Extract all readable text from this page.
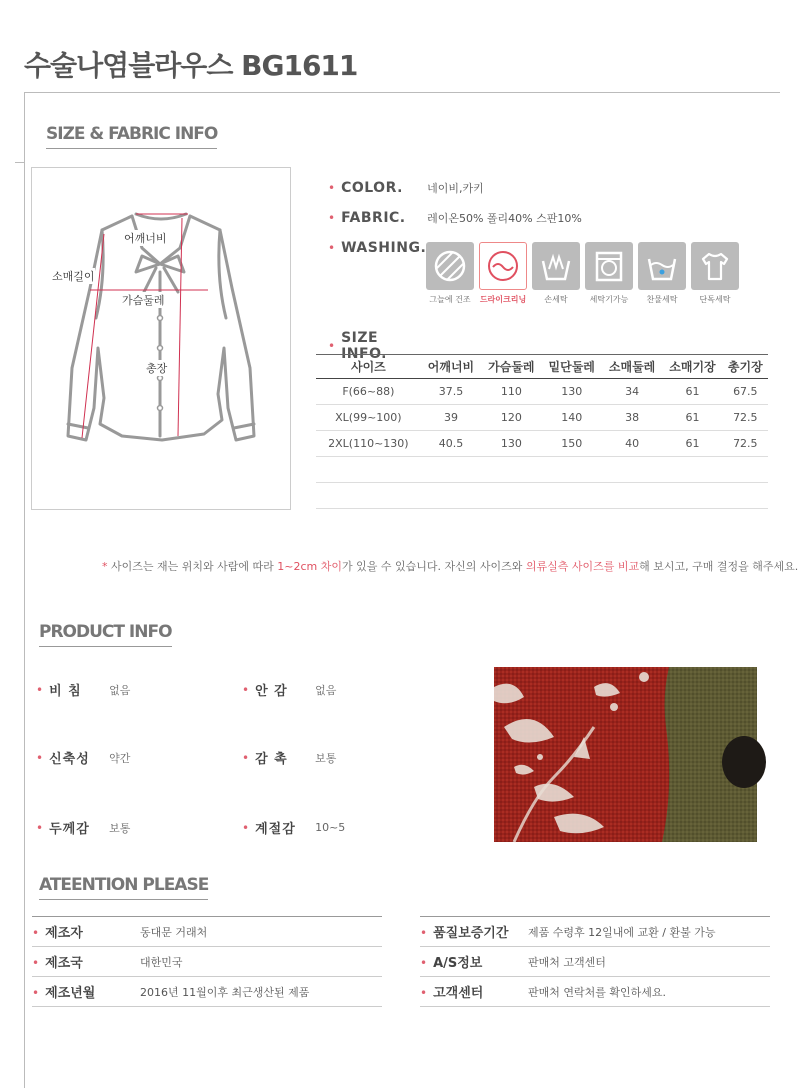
수술나염블라우스 BG1611
SIZE & FABRIC INFO
어깨너비
소매길이
가슴둘레
총장
• COLOR.	네이비,카키
• FABRIC.	레이온50% 폴리40% 스판10%
• WASHING.
그늘에 건조	드라이크리닝	손세탁	세탁기가능	찬물세탁	단독세탁
• SIZE INFO.
사이즈	어깨너비	가슴둘레	밑단둘레	소매둘레	소매기장	총기장
F(66~88)	37.5	110	130	34	61	67.5
XL(99~100)	39	120	140	38	61	72.5
2XL(110~130)	40.5	130	150	40	61	72.5

* 사이즈는 재는 위치와 사람에 따라 1~2cm 차이가 있을 수 있습니다. 자신의 사이즈와 의류실측 사이즈를 비교해 보시고, 구매 결정을 해주세요.
PRODUCT INFO
• 비 침	없음	• 안 감	없음
• 신축성	약간	• 감 촉	보통
• 두께감	보통	• 계절감	10~5
ATEENTION PLEASE
• 제조자	동대문 거래처
• 제조국	대한민국
• 제조년월	2016년 11월이후 최근생산된 제품
• 품질보증기간	제품 수령후 12일내에 교환 / 환불 가능
• A/S정보	판매처 고객센터
• 고객센터	판매처 연락처를 확인하세요.
